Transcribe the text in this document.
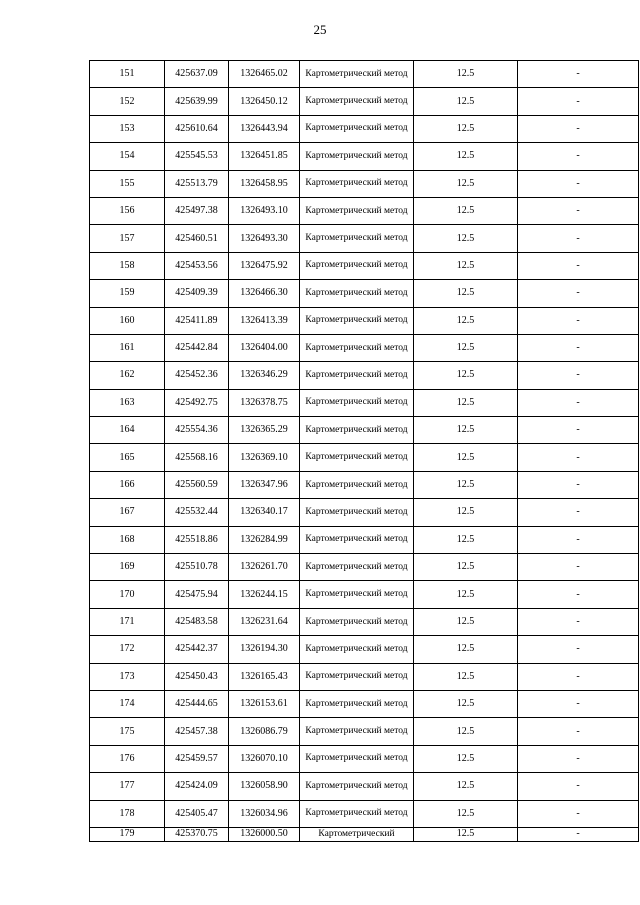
25
151	425637.09	1326465.02	Картометрический метод	12.5	-
152	425639.99	1326450.12	Картометрический метод	12.5	-
153	425610.64	1326443.94	Картометрический метод	12.5	-
154	425545.53	1326451.85	Картометрический метод	12.5	-
155	425513.79	1326458.95	Картометрический метод	12.5	-
156	425497.38	1326493.10	Картометрический метод	12.5	-
157	425460.51	1326493.30	Картометрический метод	12.5	-
158	425453.56	1326475.92	Картометрический метод	12.5	-
159	425409.39	1326466.30	Картометрический метод	12.5	-
160	425411.89	1326413.39	Картометрический метод	12.5	-
161	425442.84	1326404.00	Картометрический метод	12.5	-
162	425452.36	1326346.29	Картометрический метод	12.5	-
163	425492.75	1326378.75	Картометрический метод	12.5	-
164	425554.36	1326365.29	Картометрический метод	12.5	-
165	425568.16	1326369.10	Картометрический метод	12.5	-
166	425560.59	1326347.96	Картометрический метод	12.5	-
167	425532.44	1326340.17	Картометрический метод	12.5	-
168	425518.86	1326284.99	Картометрический метод	12.5	-
169	425510.78	1326261.70	Картометрический метод	12.5	-
170	425475.94	1326244.15	Картометрический метод	12.5	-
171	425483.58	1326231.64	Картометрический метод	12.5	-
172	425442.37	1326194.30	Картометрический метод	12.5	-
173	425450.43	1326165.43	Картометрический метод	12.5	-
174	425444.65	1326153.61	Картометрический метод	12.5	-
175	425457.38	1326086.79	Картометрический метод	12.5	-
176	425459.57	1326070.10	Картометрический метод	12.5	-
177	425424.09	1326058.90	Картометрический метод	12.5	-
178	425405.47	1326034.96	Картометрический метод	12.5	-
179	425370.75	1326000.50	Картометрический	12.5	-
